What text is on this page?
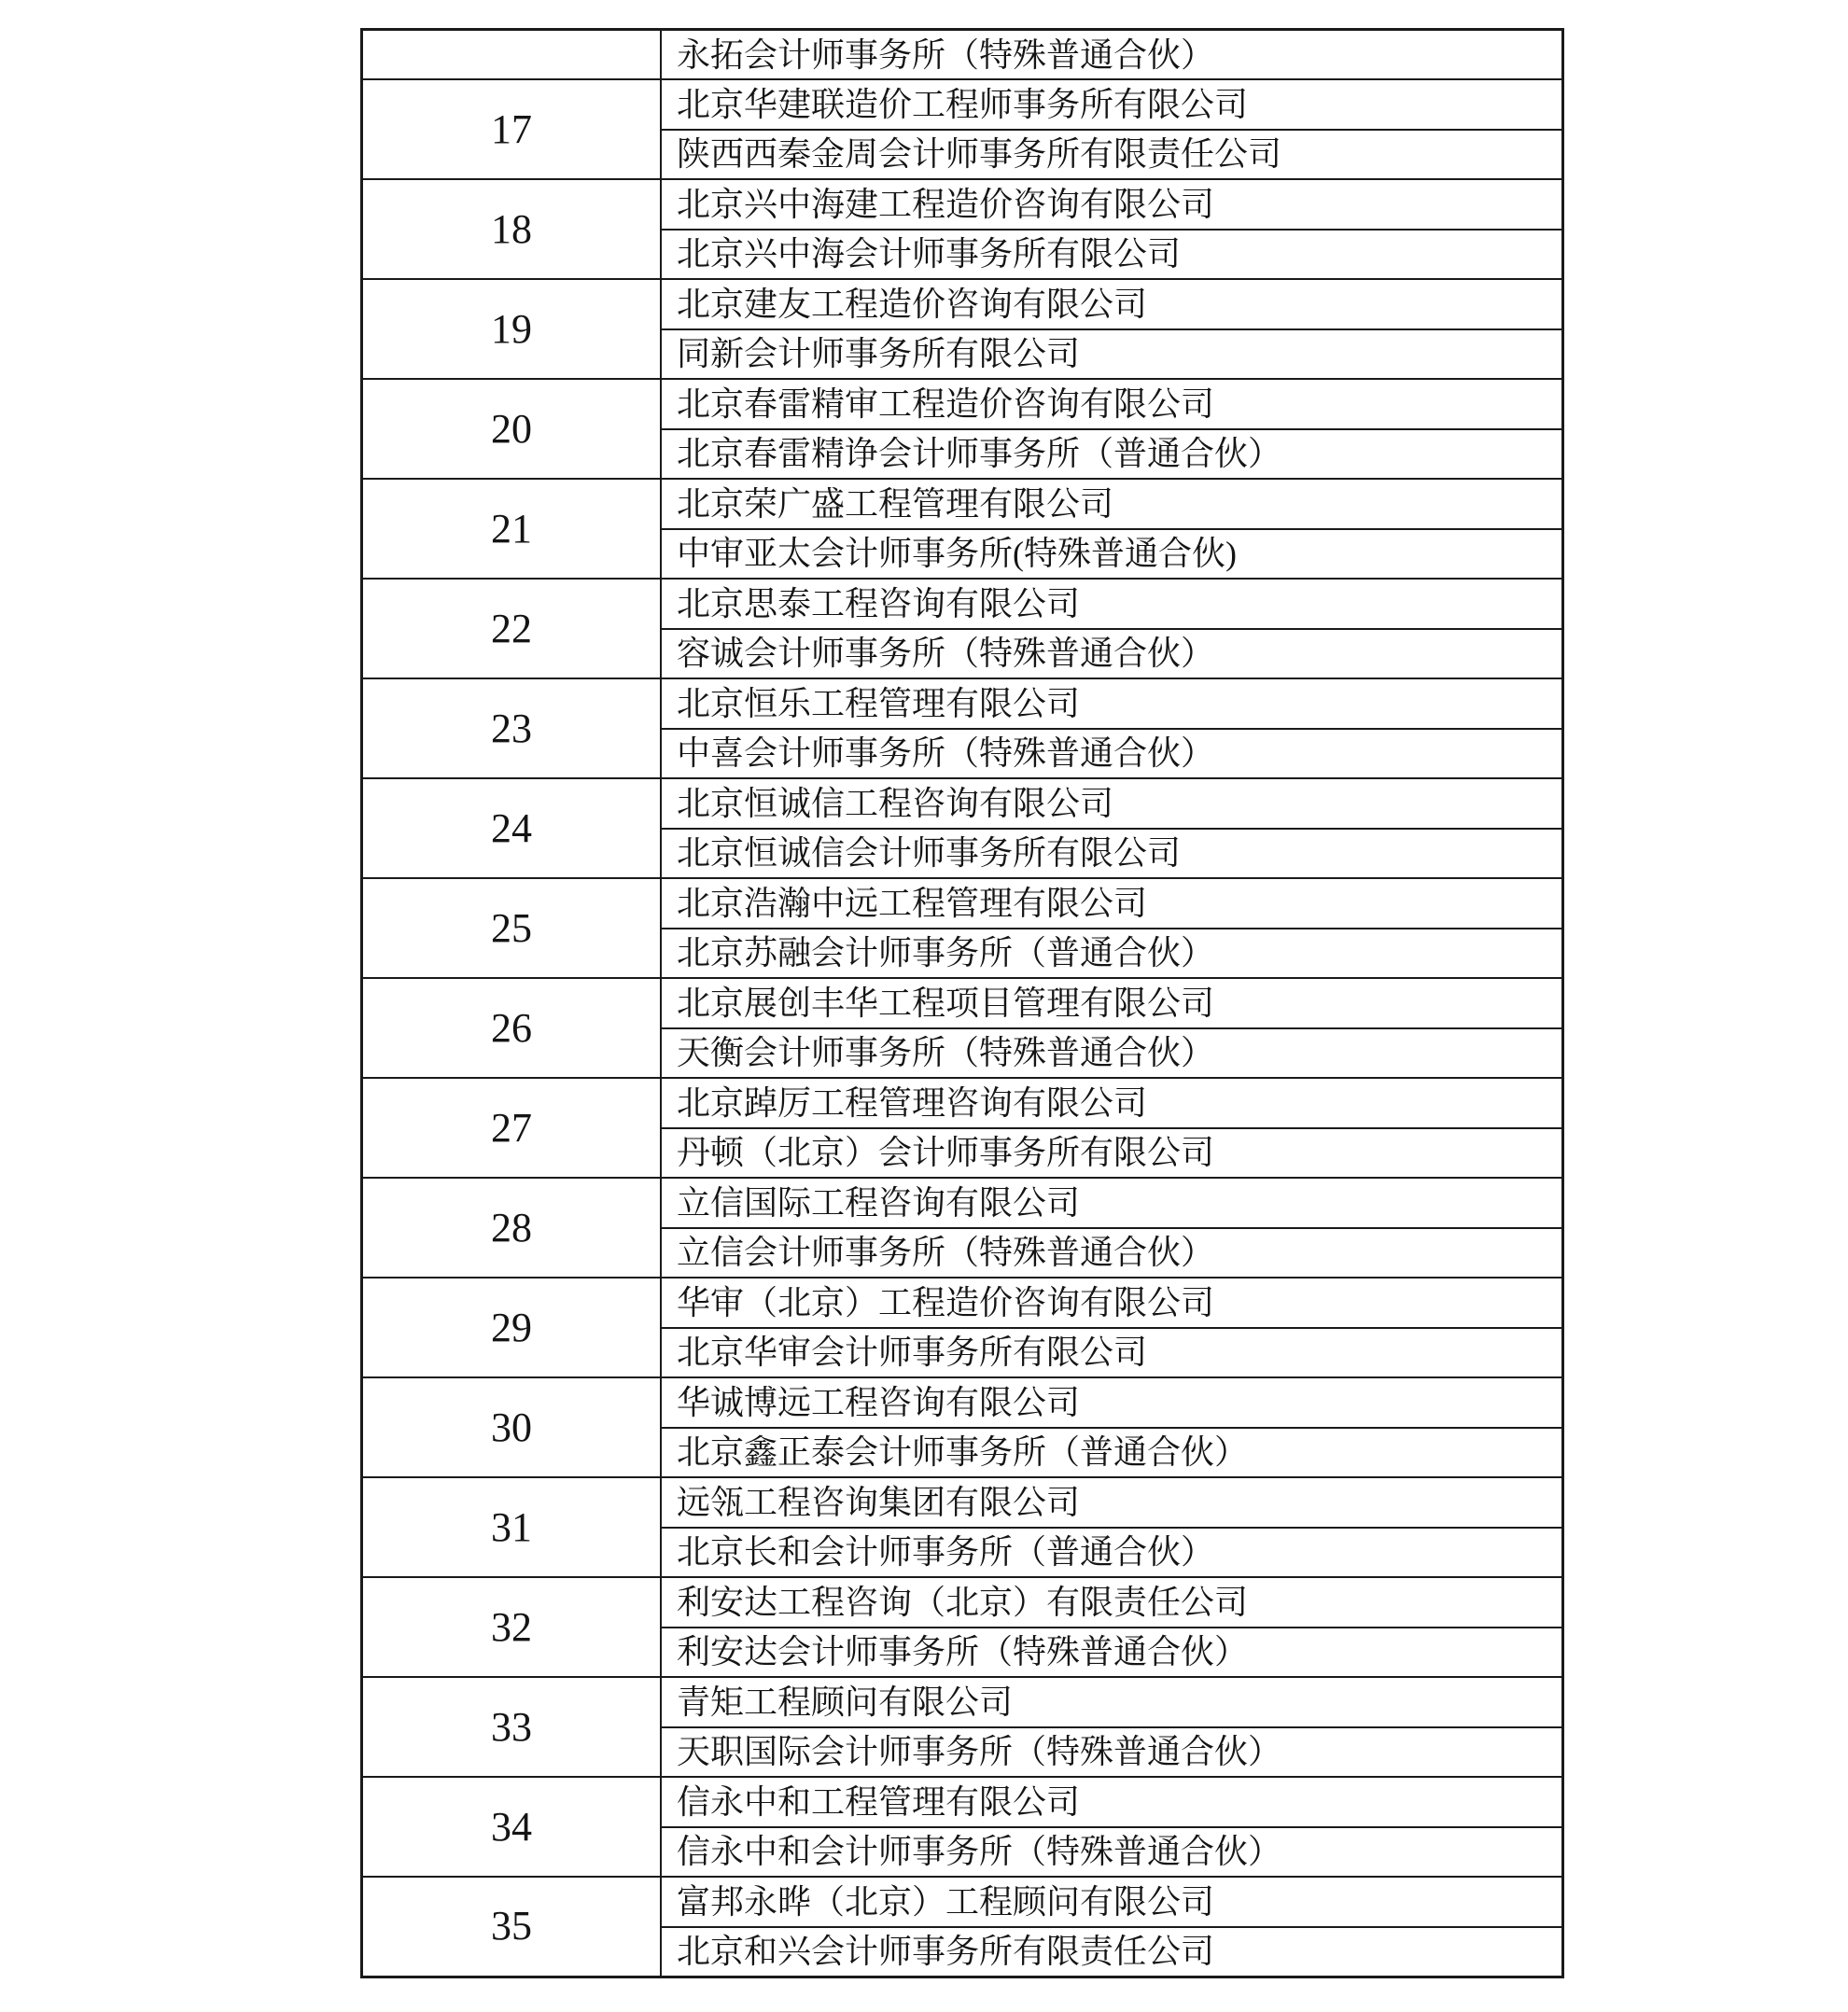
	永拓会计师事务所（特殊普通合伙）
17	北京华建联造价工程师事务所有限公司
	陕西西秦金周会计师事务所有限责任公司
18	北京兴中海建工程造价咨询有限公司
	北京兴中海会计师事务所有限公司
19	北京建友工程造价咨询有限公司
	同新会计师事务所有限公司
20	北京春雷精审工程造价咨询有限公司
	北京春雷精诤会计师事务所（普通合伙）
21	北京荣广盛工程管理有限公司
	中审亚太会计师事务所(特殊普通合伙)
22	北京思泰工程咨询有限公司
	容诚会计师事务所（特殊普通合伙）
23	北京恒乐工程管理有限公司
	中喜会计师事务所（特殊普通合伙）
24	北京恒诚信工程咨询有限公司
	北京恒诚信会计师事务所有限公司
25	北京浩瀚中远工程管理有限公司
	北京苏融会计师事务所（普通合伙）
26	北京展创丰华工程项目管理有限公司
	天衡会计师事务所（特殊普通合伙）
27	北京踔厉工程管理咨询有限公司
	丹顿（北京）会计师事务所有限公司
28	立信国际工程咨询有限公司
	立信会计师事务所（特殊普通合伙）
29	华审（北京）工程造价咨询有限公司
	北京华审会计师事务所有限公司
30	华诚博远工程咨询有限公司
	北京鑫正泰会计师事务所（普通合伙）
31	远瓴工程咨询集团有限公司
	北京长和会计师事务所（普通合伙）
32	利安达工程咨询（北京）有限责任公司
	利安达会计师事务所（特殊普通合伙）
33	青矩工程顾问有限公司
	天职国际会计师事务所（特殊普通合伙）
34	信永中和工程管理有限公司
	信永中和会计师事务所（特殊普通合伙）
35	富邦永晔（北京）工程顾问有限公司
	北京和兴会计师事务所有限责任公司
